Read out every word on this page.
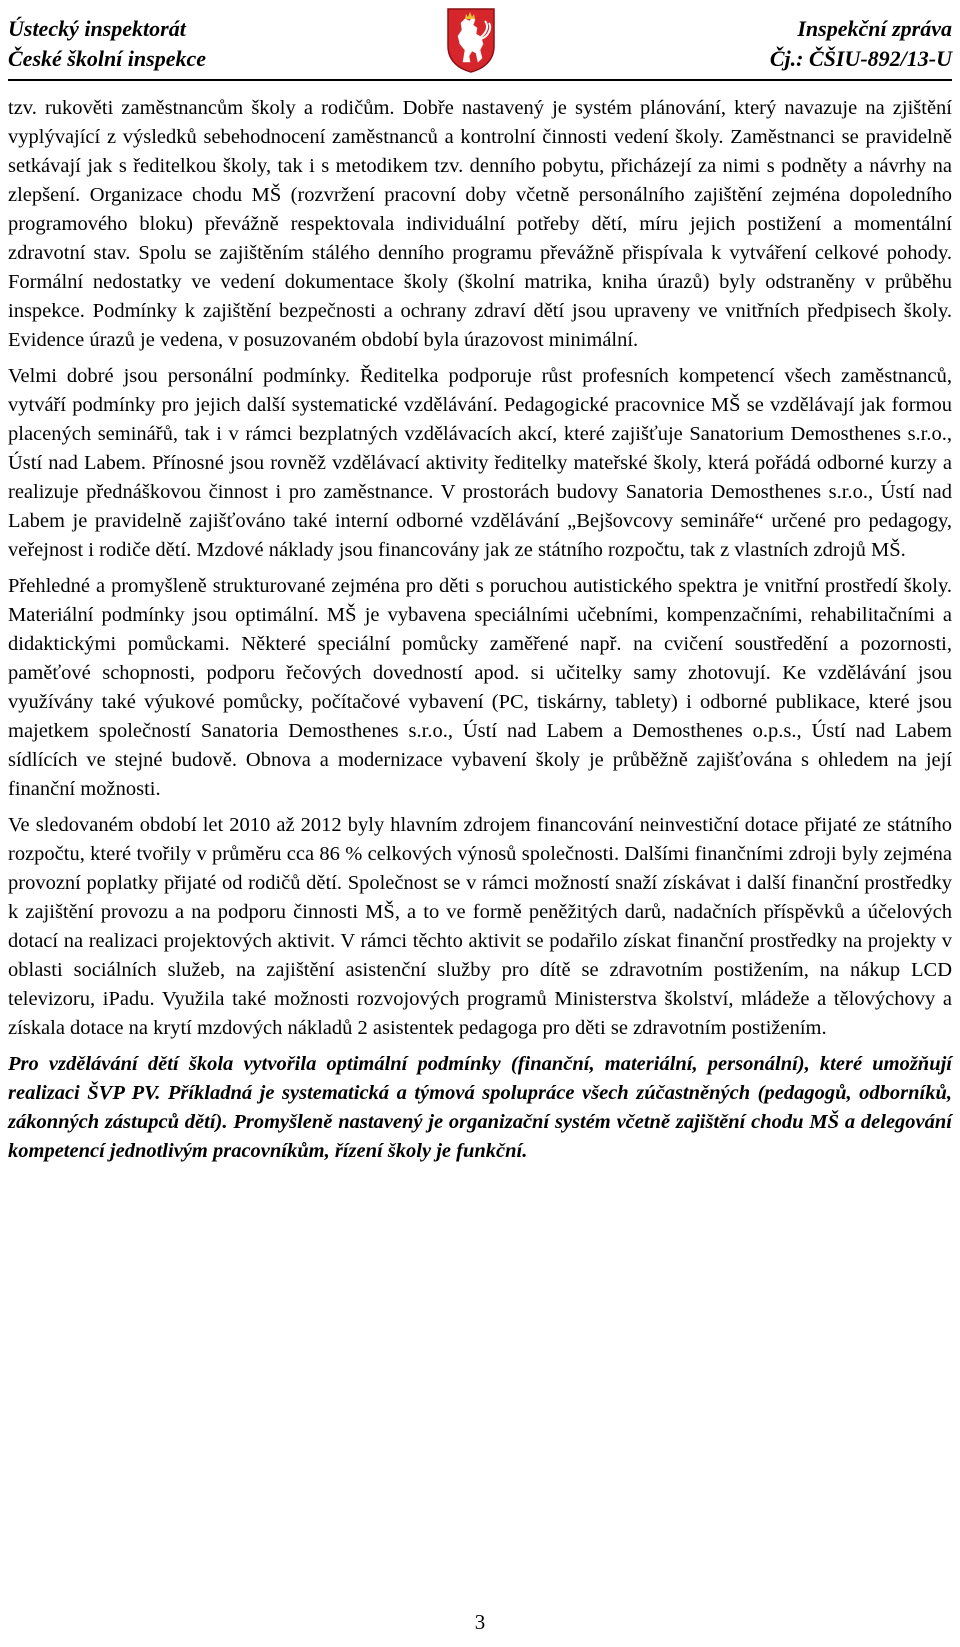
Ústecký inspektorát
České školní inspekce
Inspekční zpráva
Čj.: ČŠIU-892/13-U

tzv. rukověti zaměstnancům školy a rodičům. Dobře nastavený je systém plánování, který navazuje na zjištění vyplývající z výsledků sebehodnocení zaměstnanců a kontrolní činnosti vedení školy. Zaměstnanci se pravidelně setkávají jak s ředitelkou školy, tak i s metodikem tzv. denního pobytu, přicházejí za nimi s podněty a návrhy na zlepšení. Organizace chodu MŠ (rozvržení pracovní doby včetně personálního zajištění zejména dopoledního programového bloku) převážně respektovala individuální potřeby dětí, míru jejich postižení a momentální zdravotní stav. Spolu se zajištěním stálého denního programu převážně přispívala k vytváření celkové pohody. Formální nedostatky ve vedení dokumentace školy (školní matrika, kniha úrazů) byly odstraněny v průběhu inspekce. Podmínky k zajištění bezpečnosti a ochrany zdraví dětí jsou upraveny ve vnitřních předpisech školy. Evidence úrazů je vedena, v posuzovaném období byla úrazovost minimální.

Velmi dobré jsou personální podmínky. Ředitelka podporuje růst profesních kompetencí všech zaměstnanců, vytváří podmínky pro jejich další systematické vzdělávání. Pedagogické pracovnice MŠ se vzdělávají jak formou placených seminářů, tak i v rámci bezplatných vzdělávacích akcí, které zajišťuje Sanatorium Demosthenes s.r.o., Ústí nad Labem. Přínosné jsou rovněž vzdělávací aktivity ředitelky mateřské školy, která pořádá odborné kurzy a realizuje přednáškovou činnost i pro zaměstnance. V prostorách budovy Sanatoria Demosthenes s.r.o., Ústí nad Labem je pravidelně zajišťováno také interní odborné vzdělávání „Bejšovcovy semináře“ určené pro pedagogy, veřejnost i rodiče dětí. Mzdové náklady jsou financovány jak ze státního rozpočtu, tak z vlastních zdrojů MŠ.

Přehledné a promyšleně strukturované zejména pro děti s poruchou autistického spektra je vnitřní prostředí školy. Materiální podmínky jsou optimální. MŠ je vybavena speciálními učebními, kompenzačními, rehabilitačními a didaktickými pomůckami. Některé speciální pomůcky zaměřené např. na cvičení soustředění a pozornosti, paměťové schopnosti, podporu řečových dovedností apod. si učitelky samy zhotovují. Ke vzdělávání jsou využívány také výukové pomůcky, počítačové vybavení (PC, tiskárny, tablety) i odborné publikace, které jsou majetkem společností Sanatoria Demosthenes s.r.o., Ústí nad Labem a Demosthenes o.p.s., Ústí nad Labem sídlících ve stejné budově. Obnova a modernizace vybavení školy je průběžně zajišťována s ohledem na její finanční možnosti.

Ve sledovaném období let 2010 až 2012 byly hlavním zdrojem financování neinvestiční dotace přijaté ze státního rozpočtu, které tvořily v průměru cca 86 % celkových výnosů společnosti. Dalšími finančními zdroji byly zejména provozní poplatky přijaté od rodičů dětí. Společnost se v rámci možností snaží získávat i další finanční prostředky k zajištění provozu a na podporu činnosti MŠ, a to ve formě peněžitých darů, nadačních příspěvků a účelových dotací na realizaci projektových aktivit. V rámci těchto aktivit se podařilo získat finanční prostředky na projekty v oblasti sociálních služeb, na zajištění asistenční služby pro dítě se zdravotním postižením, na nákup LCD televizoru, iPadu. Využila také možnosti rozvojových programů Ministerstva školství, mládeže a tělovýchovy a získala dotace na krytí mzdových nákladů 2 asistentek pedagoga pro děti se zdravotním postižením.

Pro vzdělávání dětí škola vytvořila optimální podmínky (finanční, materiální, personální), které umožňují realizaci ŠVP PV. Příkladná je systematická a týmová spolupráce všech zúčastněných (pedagogů, odborníků, zákonných zástupců dětí). Promyšleně nastavený je organizační systém včetně zajištění chodu MŠ a delegování kompetencí jednotlivým pracovníkům, řízení školy je funkční.

3
